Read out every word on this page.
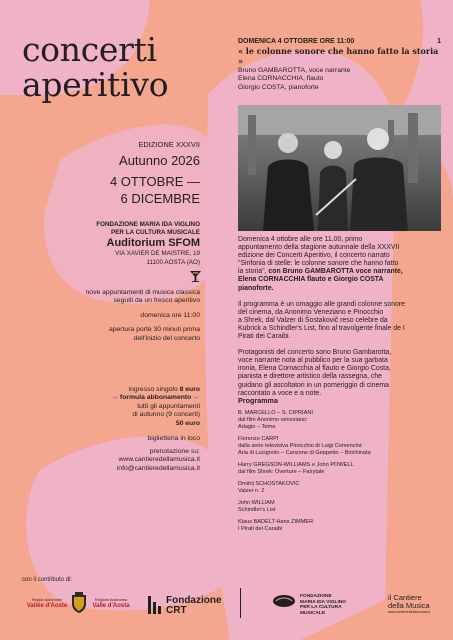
concerti
aperitivo
EDIZIONE XXXVII
Autunno 2026
4 OTTOBRE —
6 DICEMBRE
FONDAZIONE MARIA IDA VIGLINO
PER LA CULTURA MUSICALE
Auditorium SFOM
VIA XAVIER DE MAISTRE, 19
11100 AOSTA (AO)
nove appuntamenti di musica classica
seguiti da un fresco aperitivo
domenica ore 11:00
apertura porte 30 minuti prima
dell'inizio del concerto
ingresso singolo 8 euro
→ formula abbonamento ←
tutti gli appuntamenti
di autunno (9 concerti)
50 euro
biglietteria in loco
prenotazione su:
www.cantieredellamusica.it
info@cantieredellamusica.it
DOMENICA 4 OTTOBRE ORE 11:00	1
« le colonne sonore che hanno fatto la storia »
Bruno GAMBAROTTA, voce narrante
Elena CORNACCHIA, flauto
Giorgio COSTA, pianoforte
Domenica 4 ottobre alle ore 11.00, primo
appuntamento della stagione autunnale della XXXVII
edizione dei Concerti Aperitivo, il concerto narrato
"Sinfonia di stelle: le colonne sonore che hanno fatto
la storia", con Bruno GAMBAROTTA voce narrante,
Elena CORNACCHIA flauto e Giorgio COSTA
pianoforte.
Il programma è un omaggio alle grandi colonne sonore
del cinema, da Anonimo Veneziano e Pinocchio
a Shrek, dal Valzer di Šostakovič reso celebre da
Kubrick a Schindler's List, fino al travolgente finale de I
Pirati dei Caraibi.
Protagonisti del concerto sono Bruno Gambarotta,
voce narrante nota al pubblico per la sua garbata
ironia, Elena Cornacchia al flauto e Giorgio Costa,
pianista e direttore artistico della rassegna, che
guidano gli ascoltatori in un pomeriggio di cinema
raccontato a voce e a note.
Programma
B. MARCELLO – S. CIPRIANI
dal film Anonimo veneziano:
Adagio – Tema
Fiorenzo CARPI
dalla serie televisiva Pinocchio di Luigi Comencini:
Aria di Lucignolo – Canzone di Geppetto – Birichinata
Harry GREGSON-WILLIAMS e John POWELL
dal film Shrek: Overture – Fairytale
Dmitrij SCHOSTAKOVIC
Valzer n. 2
John WILLIAM
Schindler's List
Klaus BADELT-Hans ZIMMER
I Pirati dei Caraibi
con il contributo di:
Région Autonome
Vallée d'Aoste
Regione Autonoma
Valle d'Aosta	Fondazione
CRT
FONDAZIONE
MARIA IDA VIGLINO
PER LA CULTURA
MUSICALE
il Cantiere
della Musica
www.cantieredellamusica.it
